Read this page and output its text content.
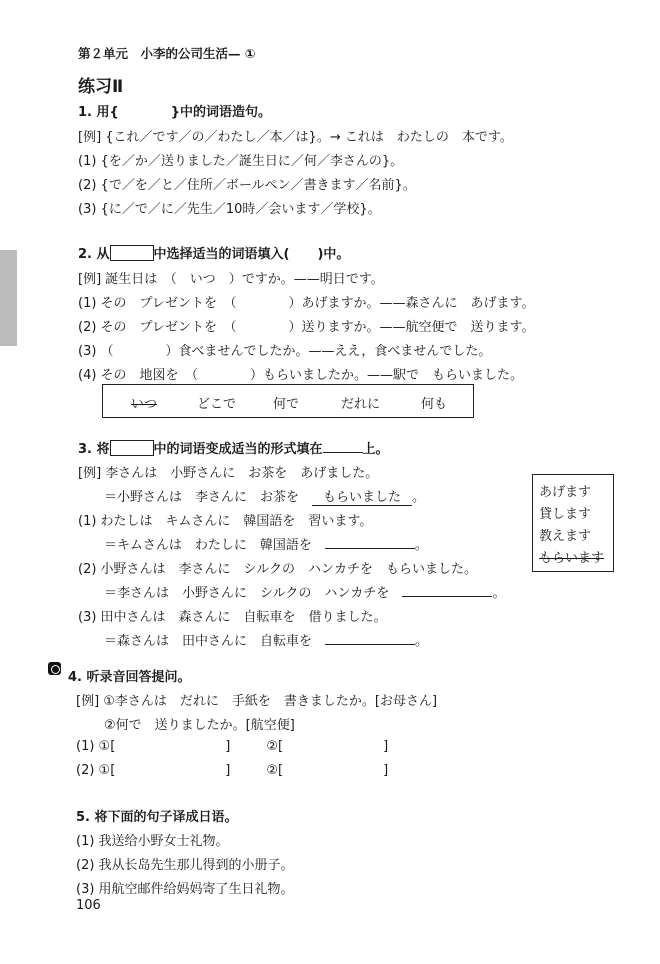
第２单元　小李的公司生活— ①
练习Ⅱ
1. 用{	}中的词语造句。
[例] {これ／です／の／わたし／本／は}。→ これは　わたしの　本です。
(1) {を／か／送りました／誕生日に／何／李さんの}。
(2) {で／を／と／住所／ボールペン／書きます／名前}。
(3) {に／で／に／先生／10時／会います／学校}。
2. 从	中选择适当的词语填入( )中。
[例] 誕生日は　（　いつ　）ですか。——明日です。
(1) その　プレゼントを　（　　　　）あげますか。——森さんに　あげます。
(2) その　プレゼントを　（　　　　）送りますか。——航空便で　送ります。
(3) （　　　　）食べませんでしたか。——ええ，食べませんでした。
(4) その　地図を　（　　　　）もらいましたか。——駅で　もらいました。
いつ	どこで	何で	だれに	何も
3. 将	中的词语变成适当的形式填在	上。
[例] 李さんは　小野さんに　お茶を　あげました。
＝小野さんは　李さんに　お茶を　 もらいました 。
(1) わたしは　キムさんに　韓国語を　習います。
＝キムさんは　わたしに　韓国語を　	。
(2) 小野さんは　李さんに　シルクの　ハンカチを　もらいました。
＝李さんは　小野さんに　シルクの　ハンカチを　	。
(3) 田中さんは　森さんに　自転車を　借りました。
＝森さんは　田中さんに　自転車を　	。
あげます
貸します
教えます
もらいます
4. 听录音回答提问。
[例] ①李さんは　だれに　手紙を　書きましたか。[お母さん]
②何で　送りましたか。[航空便]
(1) ①[	]	②[	]
(2) ①[	]	②[	]
5. 将下面的句子译成日语。
(1) 我送给小野女士礼物。
(2) 我从长岛先生那儿得到的小册子。
(3) 用航空邮件给妈妈寄了生日礼物。
106
